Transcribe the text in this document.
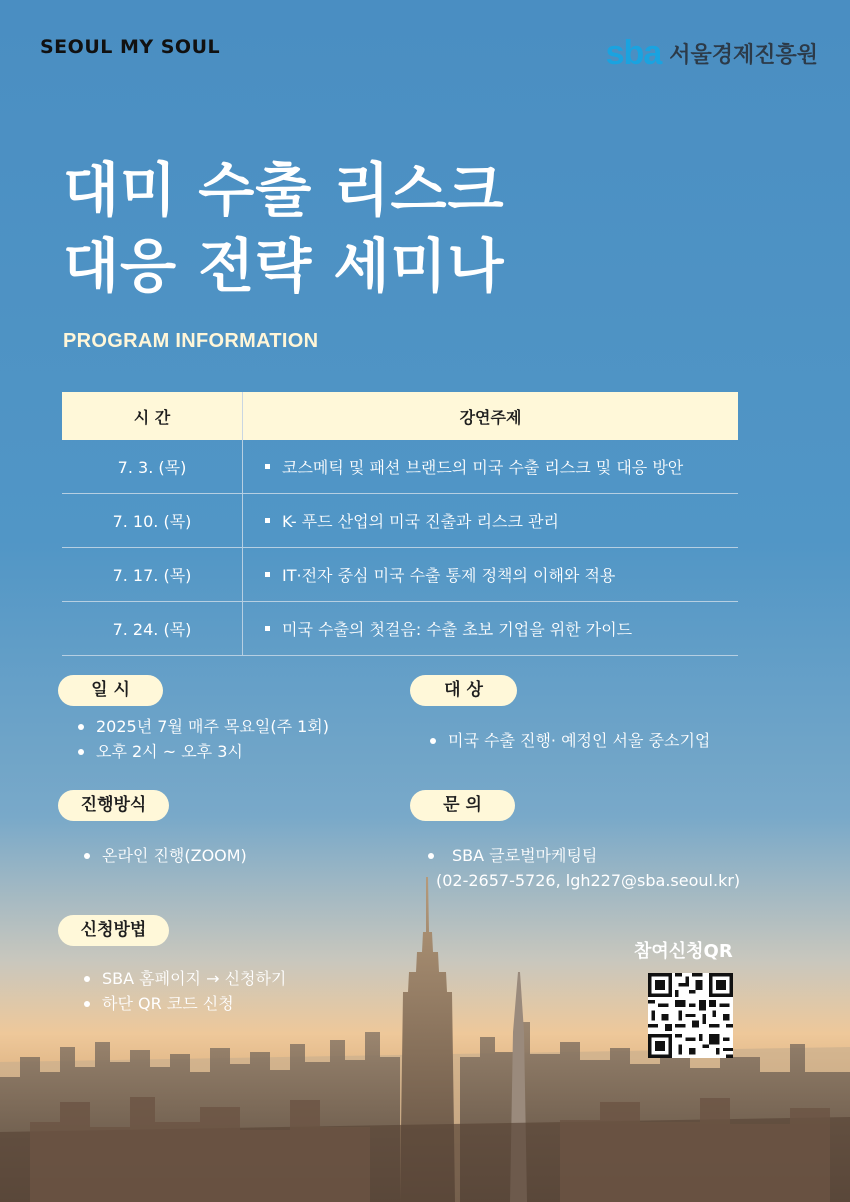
SEOUL MY SOUL	sba 서울경제진흥원
대미 수출 리스크
대응 전략 세미나
PROGRAM INFORMATION
시 간	강연주제
7. 3. (목)	코스메틱 및 패션 브랜드의 미국 수출 리스크 및 대응 방안
7. 10. (목)	K- 푸드 산업의 미국 진출과 리스크 관리
7. 17. (목)	IT·전자 중심 미국 수출 통제 정책의 이해와 적용
7. 24. (목)	미국 수출의 첫걸음: 수출 초보 기업을 위한 가이드
일 시
2025년 7월 매주 목요일(주 1회)
오후 2시 ~ 오후 3시
대 상
미국 수출 진행· 예정인 서울 중소기업
진행방식
온라인 진행(ZOOM)
문 의
SBA 글로벌마케팅팀
(02-2657-5726, lgh227@sba.seoul.kr)
신청방법
SBA 홈페이지 → 신청하기
하단 QR 코드 신청
참여신청QR
